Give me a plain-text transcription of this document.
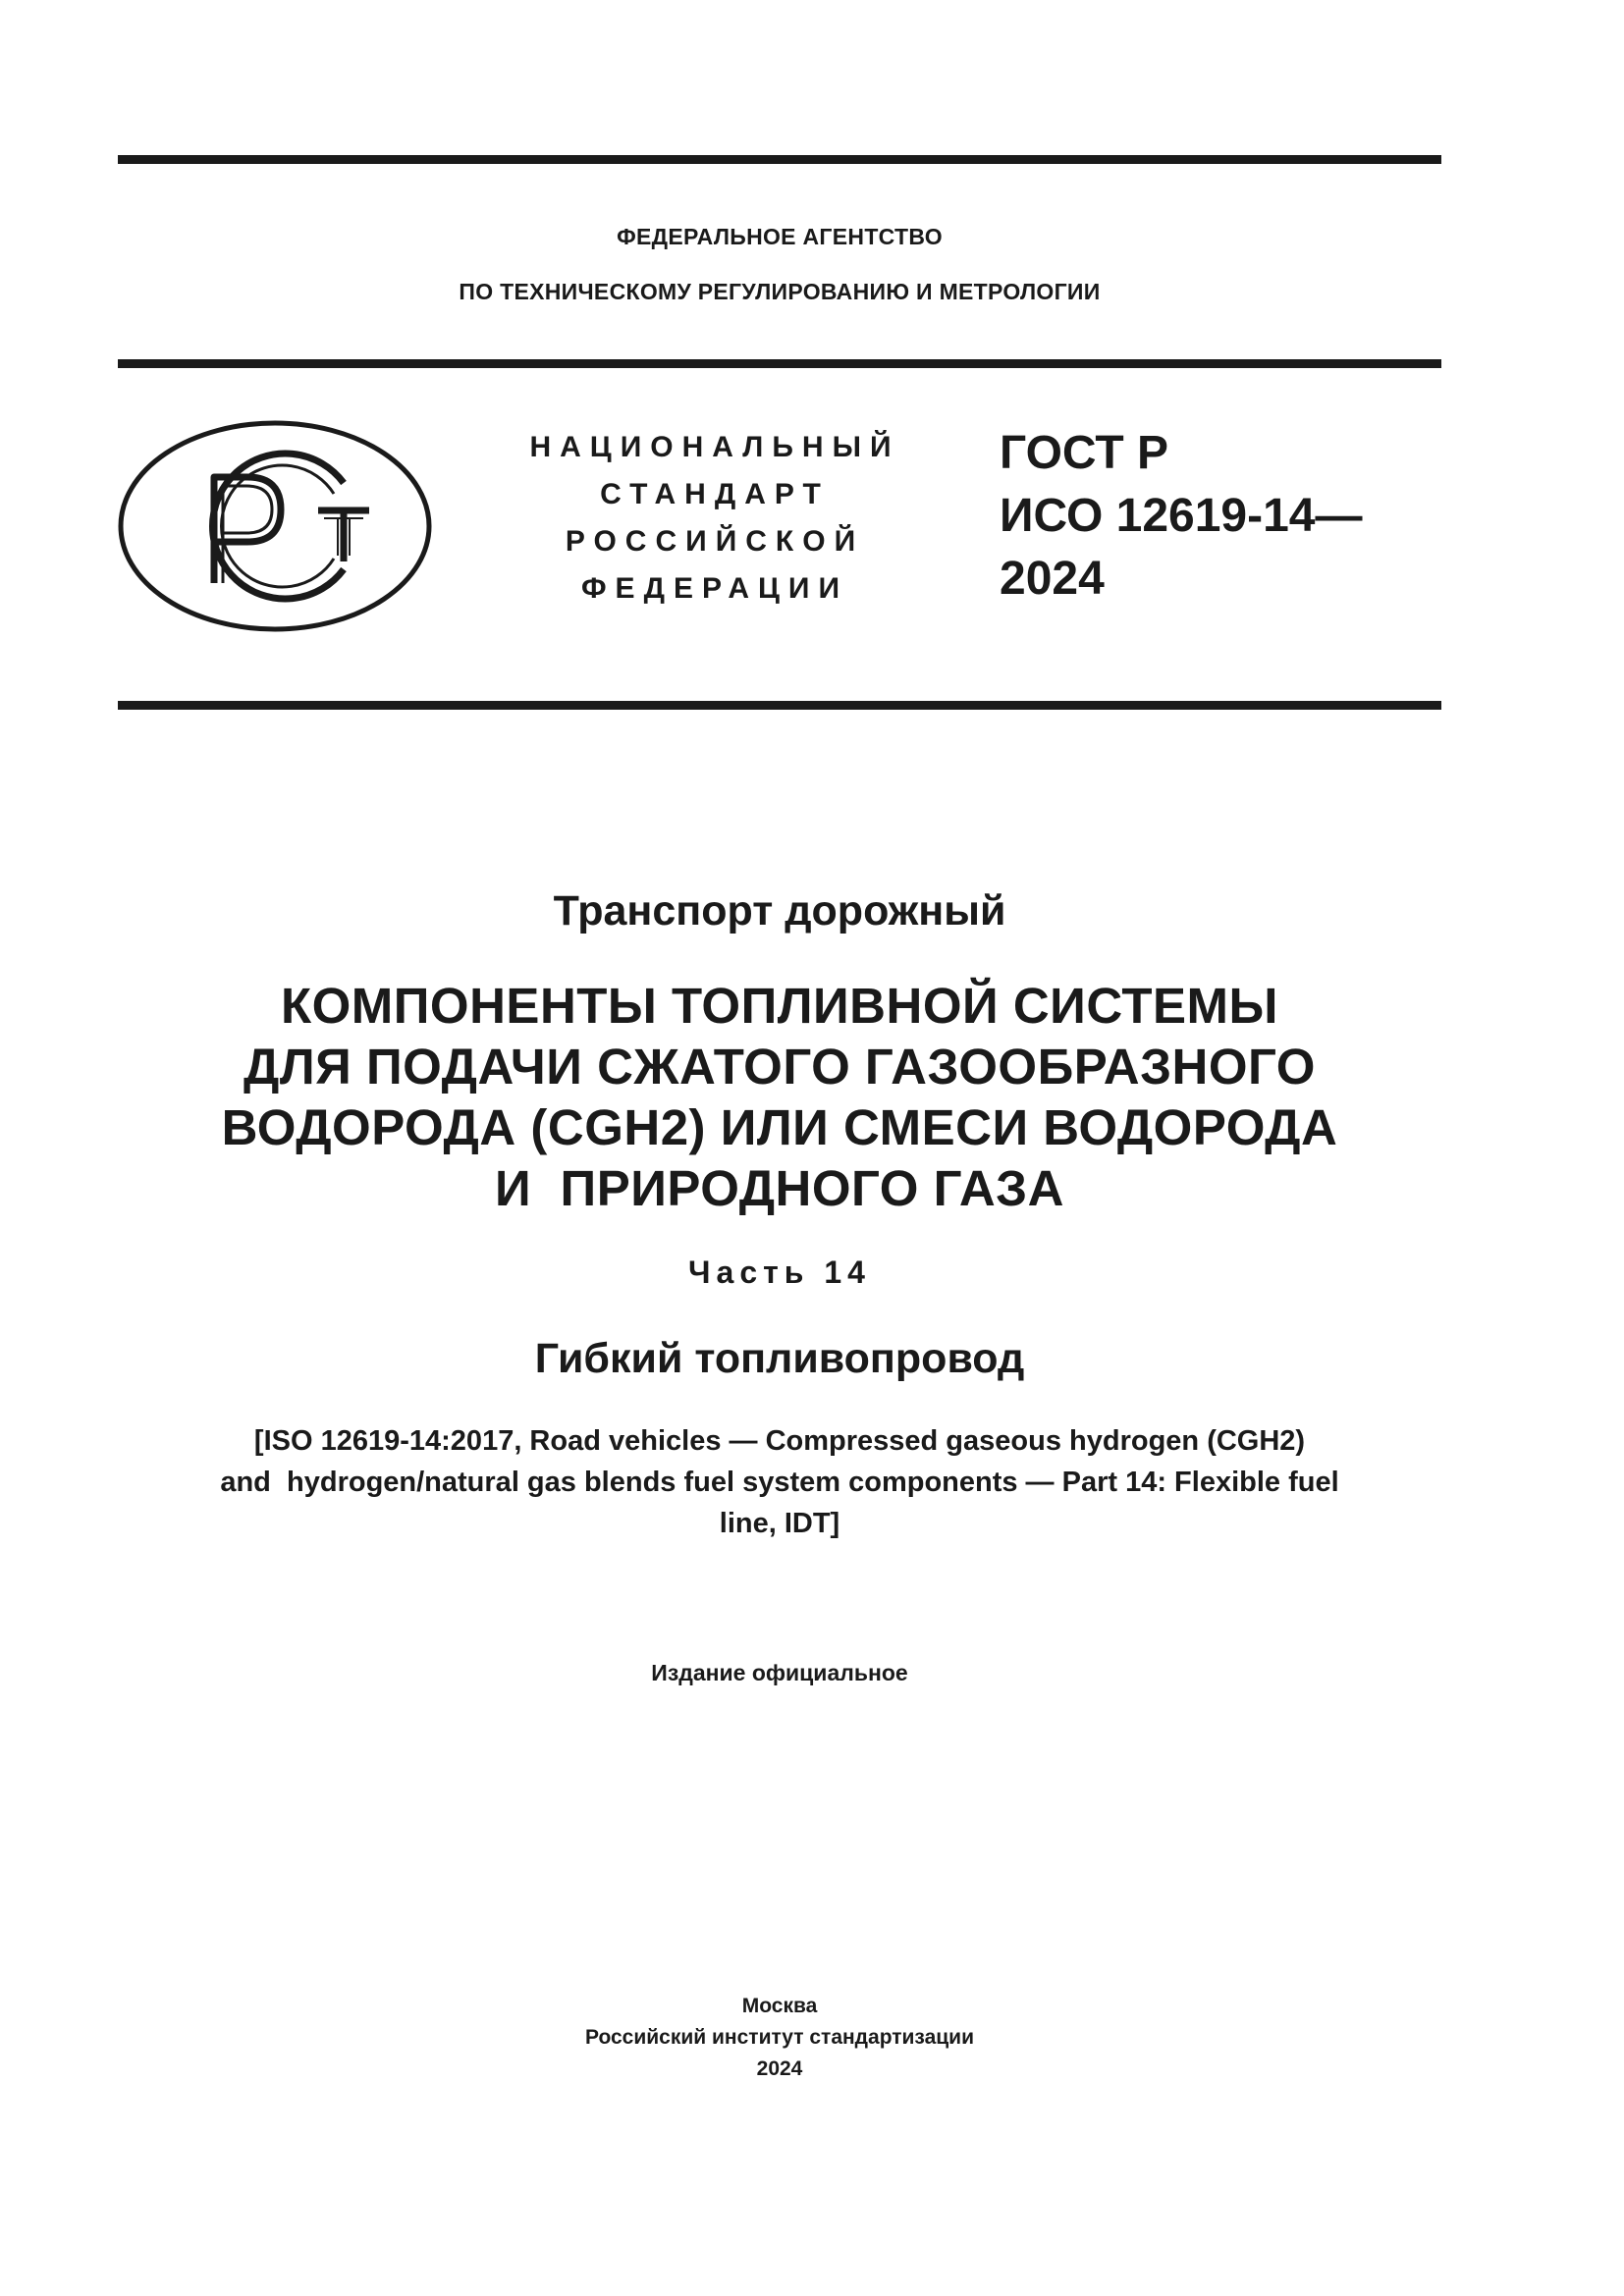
ФЕДЕРАЛЬНОЕ АГЕНТСТВО
ПО ТЕХНИЧЕСКОМУ РЕГУЛИРОВАНИЮ И МЕТРОЛОГИИ
НАЦИОНАЛЬНЫЙ
СТАНДАРТ
РОССИЙСКОЙ
ФЕДЕРАЦИИ
ГОСТ Р
ИСО 12619-14—
2024
Транспорт дорожный
КОМПОНЕНТЫ ТОПЛИВНОЙ СИСТЕМЫ
ДЛЯ ПОДАЧИ СЖАТОГО ГАЗООБРАЗНОГО
ВОДОРОДА (CGH2) ИЛИ СМЕСИ ВОДОРОДА
И  ПРИРОДНОГО ГАЗА
Часть 14
Гибкий топливопровод
[ISO 12619-14:2017, Road vehicles — Compressed gaseous hydrogen (CGH2)
and  hydrogen/natural gas blends fuel system components — Part 14: Flexible fuel
line, IDT]
Издание официальное
Москва
Российский институт стандартизации
2024
